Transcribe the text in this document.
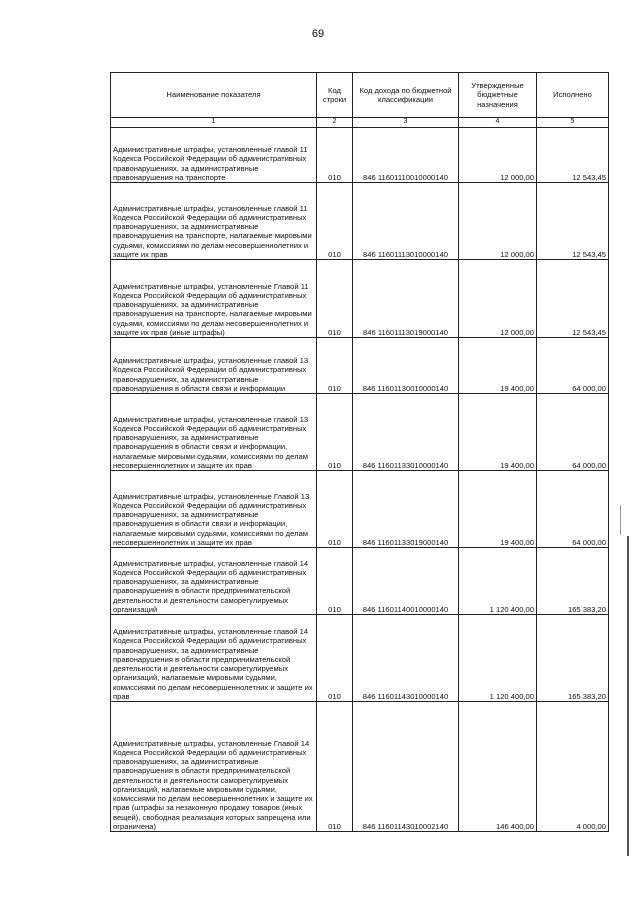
69
Наименование показателя	Код строки	Код дохода по бюджетной классификации	Утвержденные бюджетные назначения	Исполнено
1	2	3	4	5
Административные штрафы, установленные главой 11 Кодекса Российской Федерации об административных правонарушениях, за административные правонарушения на транспорте	010	846 11601110010000140	12 000,00	12 543,45
Административные штрафы, установленные главой 11 Кодекса Российской Федерации об административных правонарушениях, за административные правонарушения на транспорте, налагаемые мировыми судьями, комиссиями по делам несовершеннолетних и защите их прав	010	846 11601113010000140	12 000,00	12 543,45
Административные штрафы, установленные Главой 11 Кодекса Российской Федерации об административных правонарушениях, за административные правонарушения на транспорте, налагаемые мировыми судьями, комиссиями по делам несовершеннолетних и защите их прав (иные штрафы)	010	846 11601113019000140	12 000,00	12 543,45
Административные штрафы, установленные главой 13 Кодекса Российской Федерации об административных правонарушениях, за административные правонарушения в области связи и информации	010	846 11601130010000140	19 400,00	64 000,00
Административные штрафы, установленные главой 13 Кодекса Российской Федерации об административных правонарушениях, за административные правонарушения в области связи и информации, налагаемые мировыми судьями, комиссиями по делам несовершеннолетних и защите их прав	010	846 11601133010000140	19 400,00	64 000,00
Административные штрафы, установленные Главой 13 Кодекса Российской Федерации об административных правонарушениях, за административные правонарушения в области связи и информации, налагаемые мировыми судьями, комиссиями по делам несовершеннолетних и защите их прав	010	846 11601133019000140	19 400,00	64 000,00
Административные штрафы, установленные главой 14 Кодекса Российской Федерации об административных правонарушениях, за административные правонарушения в области предпринимательской деятельности и деятельности саморегулируемых организаций	010	846 11601140010000140	1 120 400,00	165 383,20
Административные штрафы, установленные главой 14 Кодекса Российской Федерации об административных правонарушениях, за административные правонарушения в области предпринимательской деятельности и деятельности саморегулируемых организаций, налагаемые мировыми судьями, комиссиями по делам несовершеннолетних и защите их прав	010	846 11601143010000140	1 120 400,00	165 383,20
Административные штрафы, установленные Главой 14 Кодекса Российской Федерации об административных правонарушениях, за административные правонарушения в области предпринимательской деятельности и деятельности саморегулируемых организаций, налагаемые мировыми судьями, комиссиями по делам несовершеннолетних и защите их прав (штрафы за незаконную продажу товаров (иных вещей), свободная реализация которых запрещена или ограничена)	010	846 11601143010002140	146 400,00	4 000,00
